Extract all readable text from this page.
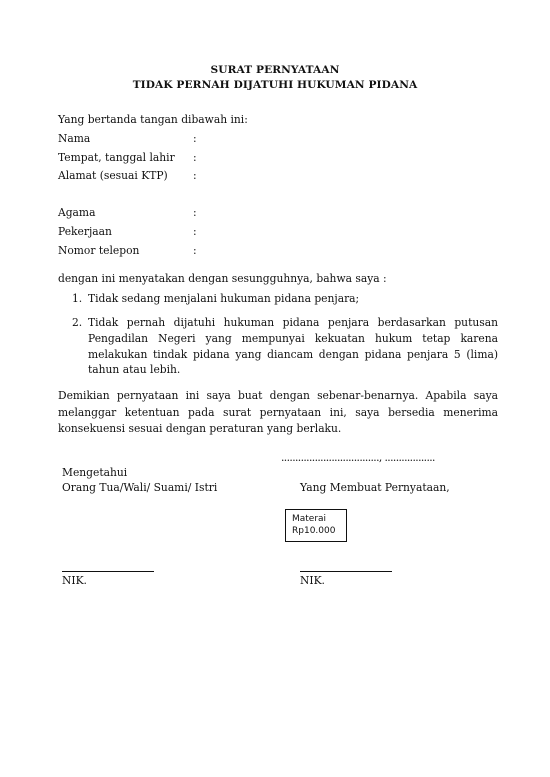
SURAT PERNYATAAN
TIDAK PERNAH DIJATUHI HUKUMAN PIDANA
Yang bertanda tangan dibawah ini:
Nama	:
Tempat, tanggal lahir :
Alamat (sesuai KTP) :
Agama	:
Pekerjaan	:
Nomor telepon	:
dengan ini menyatakan dengan sesungguhnya, bahwa saya :
1. Tidak sedang menjalani hukuman pidana penjara;
2. Tidak pernah dijatuhi hukuman pidana penjara berdasarkan putusan Pengadilan Negeri yang mempunyai kekuatan hukum tetap karena melakukan tindak pidana yang diancam dengan pidana penjara 5 (lima) tahun atau lebih.
Demikian pernyataan ini saya buat dengan sebenar-benarnya. Apabila saya melanggar ketentuan pada surat pernyataan ini, saya bersedia menerima konsekuensi sesuai dengan peraturan yang berlaku.
..................................., ..................
Mengetahui
Orang Tua/Wali/ Suami/ Istri	Yang Membuat Pernyataan,
Materai
Rp10.000
NIK.	NIK.
